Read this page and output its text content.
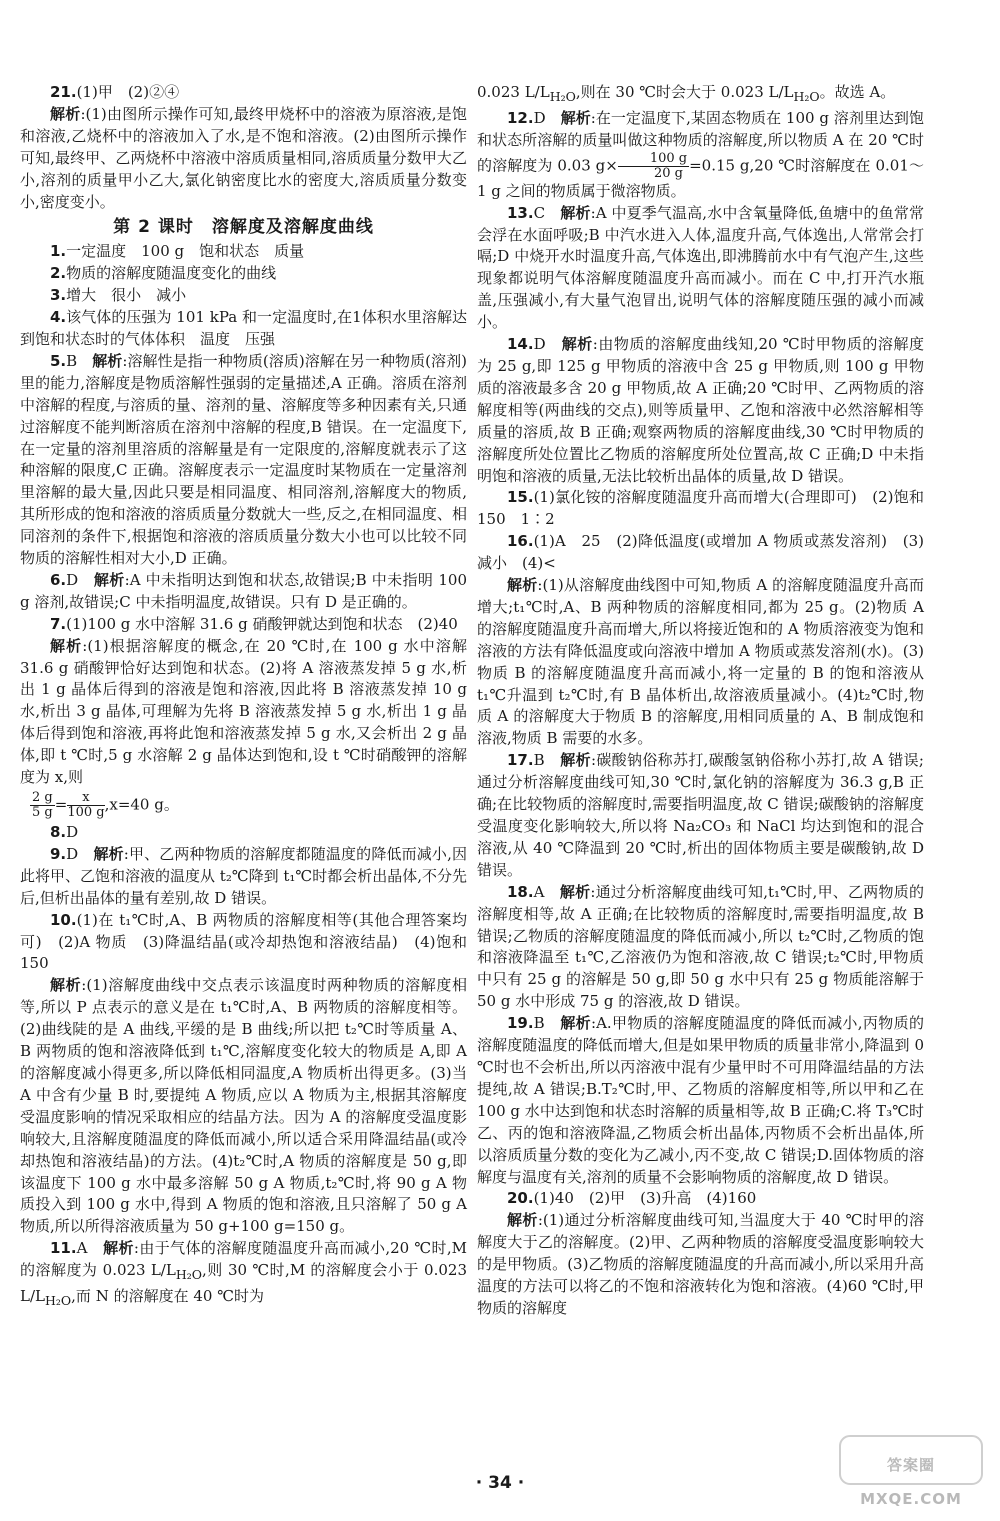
21.(1)甲　(2)②④

解析:(1)由图所示操作可知,最终甲烧杯中的溶液为原溶液,是饱和溶液,乙烧杯中的溶液加入了水,是不饱和溶液。(2)由图所示操作可知,最终甲、乙两烧杯中溶液中溶质质量相同,溶质质量分数甲大乙小,溶剂的质量甲小乙大,氯化钠密度比水的密度大,溶质质量分数变小,密度变小。

第 2 课时　溶解度及溶解度曲线

1.一定温度　100 g　饱和状态　质量

2.物质的溶解度随温度变化的曲线

3.增大　很小　减小

4.该气体的压强为 101 kPa 和一定温度时,在1体积水里溶解达到饱和状态时的气体体积　温度　压强

5.B　解析:溶解性是指一种物质(溶质)溶解在另一种物质(溶剂)里的能力,溶解度是物质溶解性强弱的定量描述,A 正确。溶质在溶剂中溶解的程度,与溶质的量、溶剂的量、溶解度等多种因素有关,只通过溶解度不能判断溶质在溶剂中溶解的程度,B 错误。在一定温度下,在一定量的溶剂里溶质的溶解量是有一定限度的,溶解度就表示了这种溶解的限度,C 正确。溶解度表示一定温度时某物质在一定量溶剂里溶解的最大量,因此只要是相同温度、相同溶剂,溶解度大的物质,其所形成的饱和溶液的溶质质量分数就大一些,反之,在相同温度、相同溶剂的条件下,根据饱和溶液的溶质质量分数大小也可以比较不同物质的溶解性相对大小,D 正确。

6.D　解析:A 中未指明达到饱和状态,故错误;B 中未指明 100 g 溶剂,故错误;C 中未指明温度,故错误。只有 D 是正确的。

7.(1)100 g 水中溶解 31.6 g 硝酸钾就达到饱和状态　(2)40

解析:(1)根据溶解度的概念,在 20 ℃时,在 100 g 水中溶解 31.6 g 硝酸钾恰好达到饱和状态。(2)将 A 溶液蒸发掉 5 g 水,析出 1 g 晶体后得到的溶液是饱和溶液,因此将 B 溶液蒸发掉 10 g 水,析出 3 g 晶体,可理解为先将 B 溶液蒸发掉 5 g 水,析出 1 g 晶体后得到饱和溶液,再将此饱和溶液蒸发掉 5 g 水,又会析出 2 g 晶体,即 t ℃时,5 g 水溶解 2 g 晶体达到饱和,设 t ℃时硝酸钾的溶解度为 x,则

$\frac{2 g}{5 g} = \frac{x}{100 g} ,x=40$ g。

8.D

9.D　解析:甲、乙两种物质的溶解度都随温度的降低而减小,因此将甲、乙饱和溶液的温度从 t₂℃降到 t₁℃时都会析出晶体,不分先后,但析出晶体的量有差别,故 D 错误。

10.(1)在 t₁℃时,A、B 两物质的溶解度相等(其他合理答案均可)　(2)A 物质　(3)降温结晶(或冷却热饱和溶液结晶)　(4)饱和　150

解析:(1)溶解度曲线中交点表示该温度时两种物质的溶解度相等,所以 P 点表示的意义是在 t₁℃时,A、B 两物质的溶解度相等。(2)曲线陡的是 A 曲线,平缓的是 B 曲线;所以把 t₂℃时等质量 A、B 两物质的饱和溶液降低到 t₁℃,溶解度变化较大的物质是 A,即 A 的溶解度减小得更多,所以降低相同温度,A 物质析出得更多。(3)当 A 中含有少量 B 时,要提纯 A 物质,应以 A 物质为主,根据其溶解度受温度影响的情况采取相应的结晶方法。因为 A 的溶解度受温度影响较大,且溶解度随温度的降低而减小,所以适合采用降温结晶(或冷却热饱和溶液结晶)的方法。(4)t₂℃时,A 物质的溶解度是 50 g,即该温度下 100 g 水中最多溶解 50 g A 物质,t₂℃时,将 90 g A 物质投入到 100 g 水中,得到 A 物质的饱和溶液,且只溶解了 50 g A 物质,所以所得溶液质量为 50 g+100 g=150 g。

11.A　解析:由于气体的溶解度随温度升高而减小,20 ℃时,M 的溶解度为 0.023 $L/L_{H_2O}$,则 30 ℃时,M 的溶解度会小于 0.023 $L/L_{H_2O}$,而 N 的溶解度在 40 ℃时为

0.023 $L/L_{H_2O}$,则在 30 ℃时会大于 0.023 $L/L_{H_2O}$。故选 A。

12.D　解析:在一定温度下,某固态物质在 100 g 溶剂里达到饱和状态所溶解的质量叫做这种物质的溶解度,所以物质 A 在 20 ℃时的溶解度为 0.03 $g\times \frac{100 g}{20 g} =0.15$ g,20 ℃时溶解度在 0.01～1 g 之间的物质属于微溶物质。

13.C　解析:A 中夏季气温高,水中含氧量降低,鱼塘中的鱼常常会浮在水面呼吸;B 中汽水进入人体,温度升高,气体逸出,人常常会打嗝;D 中烧开水时温度升高,气体逸出,即沸腾前水中有气泡产生,这些现象都说明气体溶解度随温度升高而减小。而在 C 中,打开汽水瓶盖,压强减小,有大量气泡冒出,说明气体的溶解度随压强的减小而减小。

14.D　解析:由物质的溶解度曲线知,20 ℃时甲物质的溶解度为 25 g,即 125 g 甲物质的溶液中含 25 g 甲物质,则 100 g 甲物质的溶液最多含 20 g 甲物质,故 A 正确;20 ℃时甲、乙两物质的溶解度相等(两曲线的交点),则等质量甲、乙饱和溶液中必然溶解相等质量的溶质,故 B 正确;观察两物质的溶解度曲线,30 ℃时甲物质的溶解度所处位置比乙物质的溶解度所处位置高,故 C 正确;D 中未指明饱和溶液的质量,无法比较析出晶体的质量,故 D 错误。

15.(1)氯化铵的溶解度随温度升高而增大(合理即可)　(2)饱和　150　1∶2

16.(1)A　25　(2)降低温度(或增加 A 物质或蒸发溶剂)　(3)减小　(4)<

解析:(1)从溶解度曲线图中可知,物质 A 的溶解度随温度升高而增大;t₁℃时,A、B 两种物质的溶解度相同,都为 25 g。(2)物质 A 的溶解度随温度升高而增大,所以将接近饱和的 A 物质溶液变为饱和溶液的方法有降低温度或向溶液中增加 A 物质或蒸发溶剂(水)。(3)物质 B 的溶解度随温度升高而减小,将一定量的 B 的饱和溶液从 t₁℃升温到 t₂℃时,有 B 晶体析出,故溶液质量减小。(4)t₂℃时,物质 A 的溶解度大于物质 B 的溶解度,用相同质量的 A、B 制成饱和溶液,物质 B 需要的水多。

17.B　解析:碳酸钠俗称苏打,碳酸氢钠俗称小苏打,故 A 错误;通过分析溶解度曲线可知,30 ℃时,氯化钠的溶解度为 36.3 g,B 正确;在比较物质的溶解度时,需要指明温度,故 C 错误;碳酸钠的溶解度受温度变化影响较大,所以将 Na₂CO₃ 和 NaCl 均达到饱和的混合溶液,从 40 ℃降温到 20 ℃时,析出的固体物质主要是碳酸钠,故 D 错误。

18.A　解析:通过分析溶解度曲线可知,t₁℃时,甲、乙两物质的溶解度相等,故 A 正确;在比较物质的溶解度时,需要指明温度,故 B 错误;乙物质的溶解度随温度的降低而减小,所以 t₂℃时,乙物质的饱和溶液降温至 t₁℃,乙溶液仍为饱和溶液,故 C 错误;t₂℃时,甲物质中只有 25 g 的溶解是 50 g,即 50 g 水中只有 25 g 物质能溶解于 50 g 水中形成 75 g 的溶液,故 D 错误。

19.B　解析:A.甲物质的溶解度随温度的降低而减小,丙物质的溶解度随温度的降低而增大,但是如果甲物质的质量非常小,降温到 0 ℃时也不会析出,所以丙溶液中混有少量甲时不可用降温结晶的方法提纯,故 A 错误;B.T₂℃时,甲、乙物质的溶解度相等,所以甲和乙在 100 g 水中达到饱和状态时溶解的质量相等,故 B 正确;C.将 T₃℃时乙、丙的饱和溶液降温,乙物质会析出晶体,丙物质不会析出晶体,所以溶质质量分数的变化为乙减小,丙不变,故 C 错误;D.固体物质的溶解度与温度有关,溶剂的质量不会影响物质的溶解度,故 D 错误。

20.(1)40　(2)甲　(3)升高　(4)160

解析:(1)通过分析溶解度曲线可知,当温度大于 40 ℃时甲的溶解度大于乙的溶解度。(2)甲、乙两种物质的溶解度受温度影响较大的是甲物质。(3)乙物质的溶解度随温度的升高而减小,所以采用升高温度的方法可以将乙的不饱和溶液转化为饱和溶液。(4)60 ℃时,甲物质的溶解度

· 34 ·
答案圈
MXQE.COM
